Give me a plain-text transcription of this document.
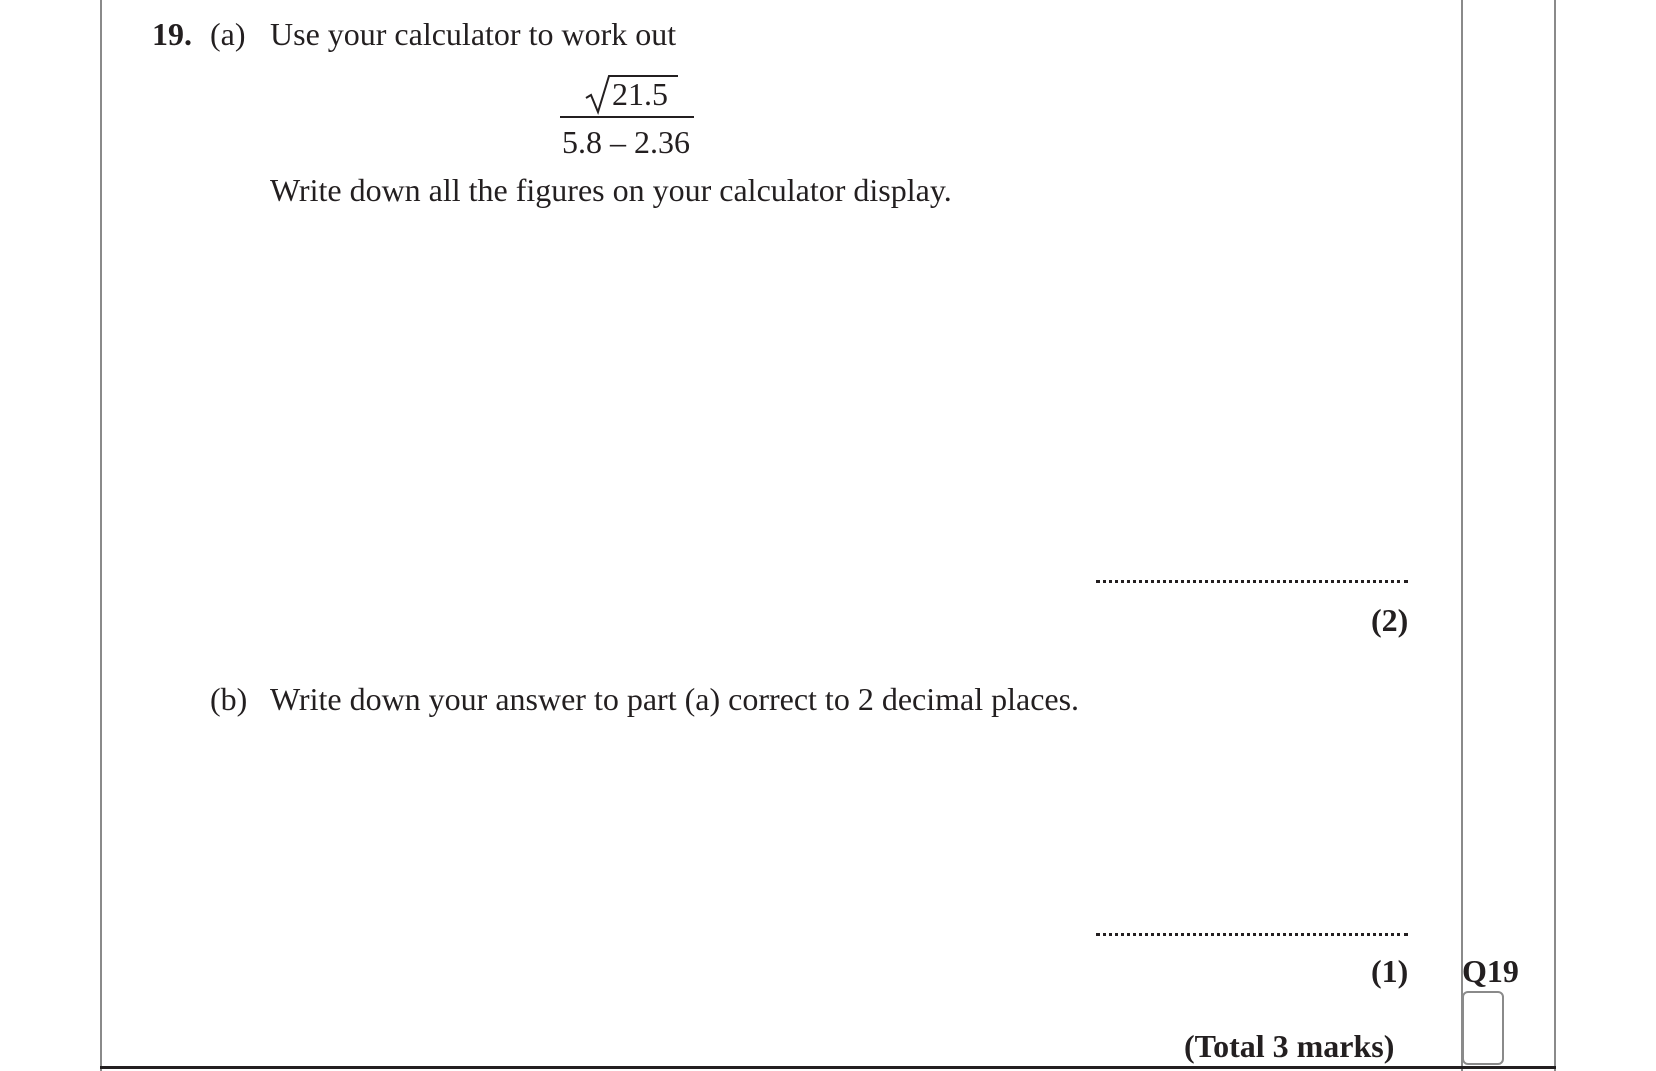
19. (a) Use your calculator to work out
21.5
5.8 – 2.36
Write down all the figures on your calculator display.
(2)
(b) Write down your answer to part (a) correct to 2 decimal places.
(1) Q19
(Total 3 marks)
